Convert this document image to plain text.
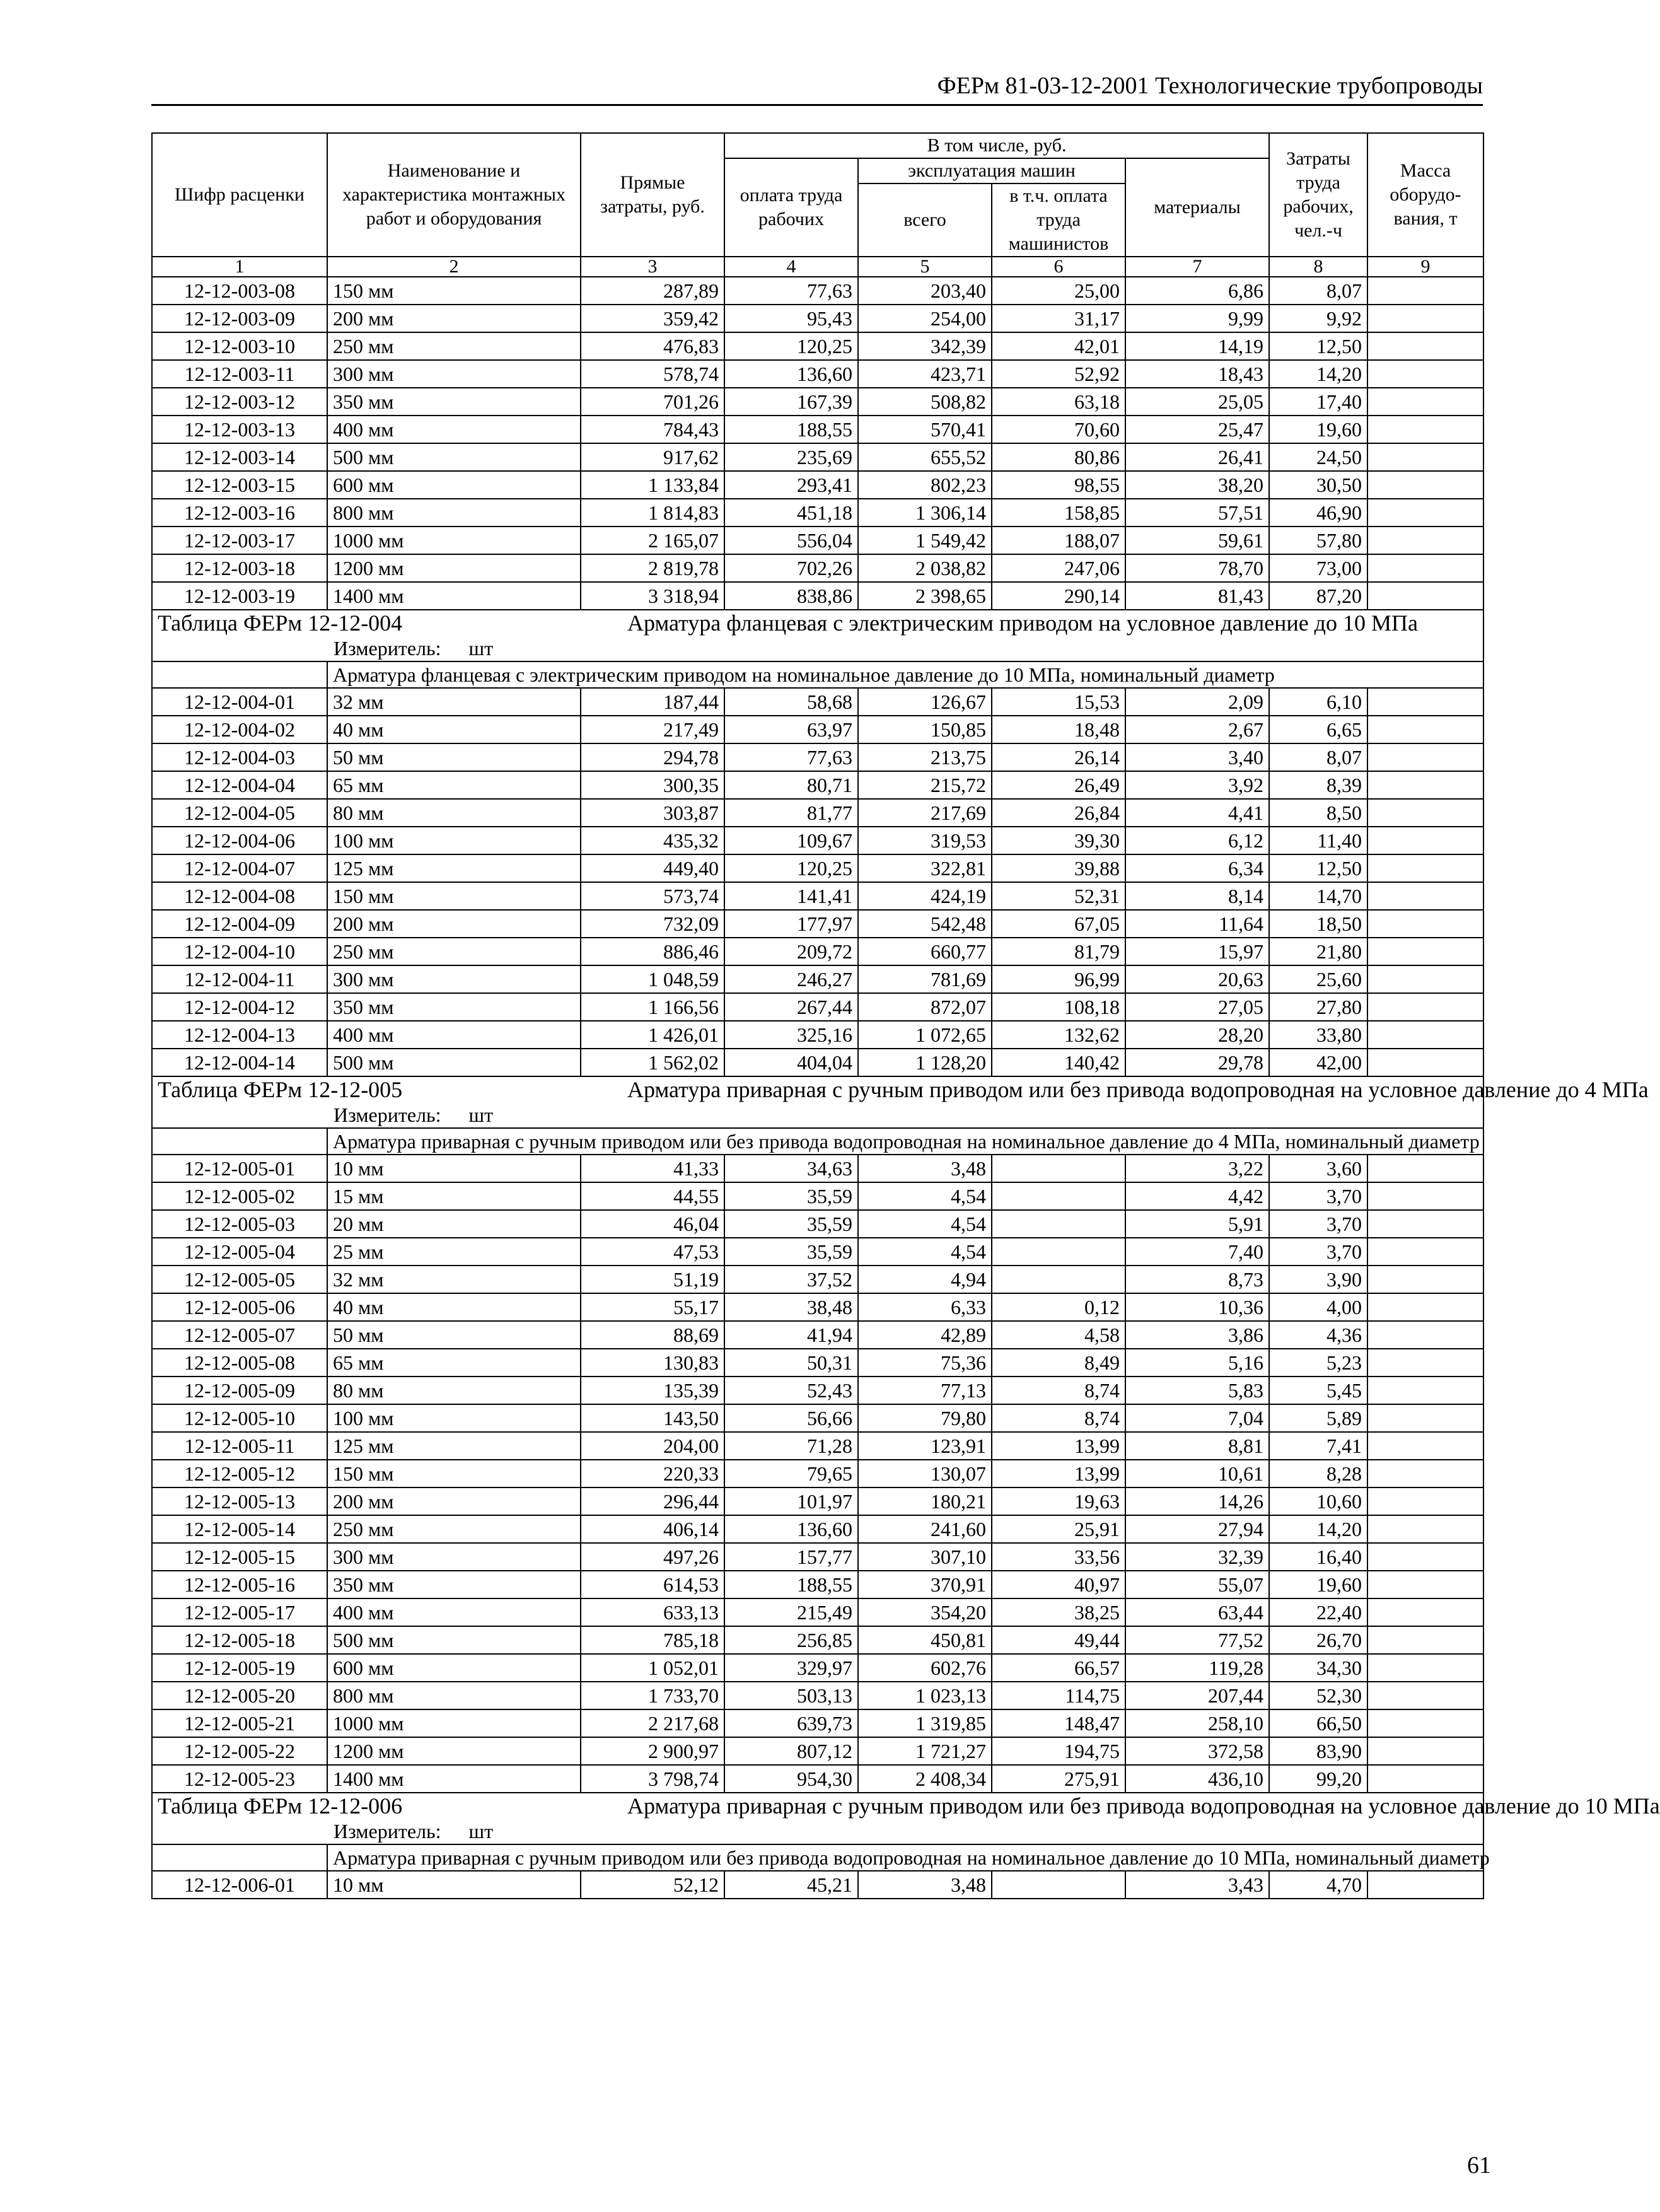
ФЕРм 81-03-12-2001 Технологические трубопроводы
Шифр расценки	Наименование и характеристика монтажных работ и оборудования	Прямые затраты, руб.	В том числе, руб.				Затраты труда рабочих, чел.-ч	Масса оборудо-вания, т
			оплата труда рабочих	эксплуатация машин		материалы		
				всего	в т.ч. оплата труда машинистов			
1	2	3	4	5	6	7	8	9
12-12-003-08	150 мм	287,89	77,63	203,40	25,00	6,86	8,07	
12-12-003-09	200 мм	359,42	95,43	254,00	31,17	9,99	9,92	
12-12-003-10	250 мм	476,83	120,25	342,39	42,01	14,19	12,50	
12-12-003-11	300 мм	578,74	136,60	423,71	52,92	18,43	14,20	
12-12-003-12	350 мм	701,26	167,39	508,82	63,18	25,05	17,40	
12-12-003-13	400 мм	784,43	188,55	570,41	70,60	25,47	19,60	
12-12-003-14	500 мм	917,62	235,69	655,52	80,86	26,41	24,50	
12-12-003-15	600 мм	1 133,84	293,41	802,23	98,55	38,20	30,50	
12-12-003-16	800 мм	1 814,83	451,18	1 306,14	158,85	57,51	46,90	
12-12-003-17	1000 мм	2 165,07	556,04	1 549,42	188,07	59,61	57,80	
12-12-003-18	1200 мм	2 819,78	702,26	2 038,82	247,06	78,70	73,00	
12-12-003-19	1400 мм	3 318,94	838,86	2 398,65	290,14	81,43	87,20	
Таблица ФЕРм 12-12-004		Арматура фланцевая с электрическим приводом на условное давление до 10 МПа						
	Измеритель: шт							
	Арматура фланцевая с электрическим приводом на номинальное давление до 10 МПа, номинальный диаметр							
12-12-004-01	32 мм	187,44	58,68	126,67	15,53	2,09	6,10	
12-12-004-02	40 мм	217,49	63,97	150,85	18,48	2,67	6,65	
12-12-004-03	50 мм	294,78	77,63	213,75	26,14	3,40	8,07	
12-12-004-04	65 мм	300,35	80,71	215,72	26,49	3,92	8,39	
12-12-004-05	80 мм	303,87	81,77	217,69	26,84	4,41	8,50	
12-12-004-06	100 мм	435,32	109,67	319,53	39,30	6,12	11,40	
12-12-004-07	125 мм	449,40	120,25	322,81	39,88	6,34	12,50	
12-12-004-08	150 мм	573,74	141,41	424,19	52,31	8,14	14,70	
12-12-004-09	200 мм	732,09	177,97	542,48	67,05	11,64	18,50	
12-12-004-10	250 мм	886,46	209,72	660,77	81,79	15,97	21,80	
12-12-004-11	300 мм	1 048,59	246,27	781,69	96,99	20,63	25,60	
12-12-004-12	350 мм	1 166,56	267,44	872,07	108,18	27,05	27,80	
12-12-004-13	400 мм	1 426,01	325,16	1 072,65	132,62	28,20	33,80	
12-12-004-14	500 мм	1 562,02	404,04	1 128,20	140,42	29,78	42,00	
Таблица ФЕРм 12-12-005		Арматура приварная с ручным приводом или без привода водопроводная на условное давление до 4 МПа						
	Измеритель: шт							
	Арматура приварная с ручным приводом или без привода водопроводная на номинальное давление до 4 МПа, номинальный диаметр							
12-12-005-01	10 мм	41,33	34,63	3,48		3,22	3,60	
12-12-005-02	15 мм	44,55	35,59	4,54		4,42	3,70	
12-12-005-03	20 мм	46,04	35,59	4,54		5,91	3,70	
12-12-005-04	25 мм	47,53	35,59	4,54		7,40	3,70	
12-12-005-05	32 мм	51,19	37,52	4,94		8,73	3,90	
12-12-005-06	40 мм	55,17	38,48	6,33	0,12	10,36	4,00	
12-12-005-07	50 мм	88,69	41,94	42,89	4,58	3,86	4,36	
12-12-005-08	65 мм	130,83	50,31	75,36	8,49	5,16	5,23	
12-12-005-09	80 мм	135,39	52,43	77,13	8,74	5,83	5,45	
12-12-005-10	100 мм	143,50	56,66	79,80	8,74	7,04	5,89	
12-12-005-11	125 мм	204,00	71,28	123,91	13,99	8,81	7,41	
12-12-005-12	150 мм	220,33	79,65	130,07	13,99	10,61	8,28	
12-12-005-13	200 мм	296,44	101,97	180,21	19,63	14,26	10,60	
12-12-005-14	250 мм	406,14	136,60	241,60	25,91	27,94	14,20	
12-12-005-15	300 мм	497,26	157,77	307,10	33,56	32,39	16,40	
12-12-005-16	350 мм	614,53	188,55	370,91	40,97	55,07	19,60	
12-12-005-17	400 мм	633,13	215,49	354,20	38,25	63,44	22,40	
12-12-005-18	500 мм	785,18	256,85	450,81	49,44	77,52	26,70	
12-12-005-19	600 мм	1 052,01	329,97	602,76	66,57	119,28	34,30	
12-12-005-20	800 мм	1 733,70	503,13	1 023,13	114,75	207,44	52,30	
12-12-005-21	1000 мм	2 217,68	639,73	1 319,85	148,47	258,10	66,50	
12-12-005-22	1200 мм	2 900,97	807,12	1 721,27	194,75	372,58	83,90	
12-12-005-23	1400 мм	3 798,74	954,30	2 408,34	275,91	436,10	99,20	
Таблица ФЕРм 12-12-006		Арматура приварная с ручным приводом или без привода водопроводная на условное давление до 10 МПа						
	Измеритель: шт							
	Арматура приварная с ручным приводом или без привода водопроводная на номинальное давление до 10 МПа, номинальный диаметр							
12-12-006-01	10 мм	52,12	45,21	3,48		3,43	4,70	
61
